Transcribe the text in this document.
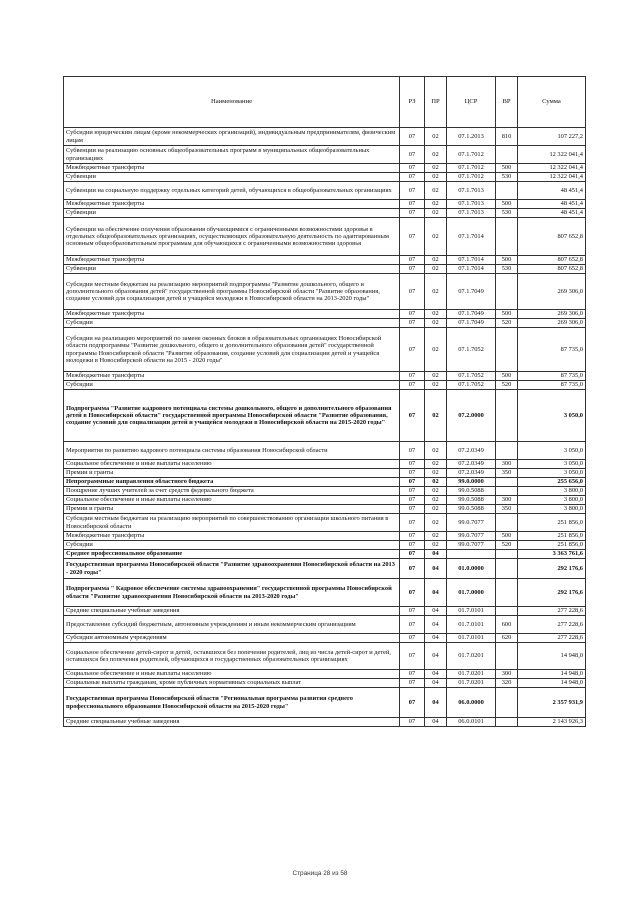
Наименование	РЗ	ПР	ЦСР	ВР	Сумма
Субсидии юридическим лицам (кроме некоммерческих организаций), индивидуальным предпринимателям, физическим лицам	07	02	07.1.2013	810	107 227,2
Субвенции на реализацию основных общеобразовательных программ в муниципальных общеобразовательных организациях	07	02	07.1.7012		12 322 041,4
Межбюджетные трансферты	07	02	07.1.7012	500	12 322 041,4
Субвенции	07	02	07.1.7012	530	12 322 041,4
Субвенции на социальную поддержку отдельных категорий детей, обучающихся в общеобразовательных организациях	07	02	07.1.7013		48 451,4
Межбюджетные трансферты	07	02	07.1.7013	500	48 451,4
Субвенции	07	02	07.1.7013	530	48 451,4
Субвенции на обеспечение получения образования обучающимися с ограниченными возможностями здоровья в отдельных общеобразовательных организациях, осуществляющих образовательную деятельность по адаптированным основным общеобразовательным программам для обучающихся с ограниченными возможностями здоровья	07	02	07.1.7014		807 652,8
Межбюджетные трансферты	07	02	07.1.7014	500	807 652,8
Субвенции	07	02	07.1.7014	530	807 652,8
Субсидии местным бюджетам на реализацию мероприятий подпрограммы "Развитие дошкольного, общего и дополнительного образования детей" государственной программы Новосибирской области "Развитие образования, создание условий для социализации детей и учащейся молодежи в Новосибирской области на 2013-2020 годы"	07	02	07.1.7049		269 306,0
Межбюджетные трансферты	07	02	07.1.7049	500	269 306,0
Субсидии	07	02	07.1.7049	520	269 306,0
Субсидии на реализацию мероприятий по замене оконных блоков в образовательных организациях Новосибирской области подпрограммы "Развитие дошкольного, общего и дополнительного образования детей" государственной программы Новосибирской области "Развитие образования, создание условий для социализации детей и учащейся молодежи в Новосибирской области на 2015 - 2020 годы"	07	02	07.1.7052		87 735,0
Межбюджетные трансферты	07	02	07.1.7052	500	87 735,0
Субсидии	07	02	07.1.7052	520	87 735,0
Подпрограмма "Развитие кадрового потенциала системы дошкольного, общего и дополнительного образования детей в Новосибирской области" государственной программы Новосибирской области "Развитие образования, создание условий для социализации детей и учащейся молодежи в Новосибирской области на 2015-2020 годы"	07	02	07.2.0000		3 050,0
Мероприятия по развитию кадрового потенциала системы образования Новосибирской области	07	02	07.2.0349		3 050,0
Социальное обеспечение и иные выплаты населению	07	02	07.2.0349	300	3 050,0
Премии и гранты	07	02	07.2.0349	350	3 050,0
Непрограммные направления областного бюджета	07	02	99.0.0000		255 656,0
Поощрение лучших учителей за счет средств федерального бюджета	07	02	99.0.5088		3 800,0
Социальное обеспечение и иные выплаты населению	07	02	99.0.5088	300	3 800,0
Премии и гранты	07	02	99.0.5088	350	3 800,0
Субсидии местным бюджетам на реализацию мероприятий по совершенствованию организации школьного питания в Новосибирской области	07	02	99.0.7077		251 856,0
Межбюджетные трансферты	07	02	99.0.7077	500	251 856,0
Субсидии	07	02	99.0.7077	520	251 856,0
Среднее профессиональное образование	07	04			3 363 761,6
Государственная программа Новосибирской области "Развитие здравоохранения Новосибирской области на 2013 - 2020 годы"	07	04	01.0.0000		292 176,6
Подпрограмма " Кадровое обеспечение системы здравоохранения" государственной программы Новосибирской области "Развитие здравоохранения Новосибирской области на 2013-2020 годы"	07	04	01.7.0000		292 176,6
Средние специальные учебные заведения	07	04	01.7.0101		277 228,6
Предоставление субсидий бюджетным, автономным учреждениям и иным некоммерческим организациям	07	04	01.7.0101	600	277 228,6
Субсидии автономным учреждениям	07	04	01.7.0101	620	277 228,6
Социальное обеспечение детей-сирот и детей, оставшихся без попечения родителей, лиц из числа детей-сирот и детей, оставшихся без попечения родителей, обучающихся в государственных образовательных организациях	07	04	01.7.0201		14 948,0
Социальное обеспечение и иные выплаты населению	07	04	01.7.0201	300	14 948,0
Социальные выплаты гражданам, кроме публичных нормативных социальных выплат	07	04	01.7.0201	320	14 948,0
Государственная программа Новосибирской области "Региональная программа развития среднего профессионального образования Новосибирской области на 2015-2020 годы"	07	04	06.0.0000		2 357 931,9
Средние специальные учебные заведения	07	04	06.0.0101		2 143 926,3
Страница 28 из 58
